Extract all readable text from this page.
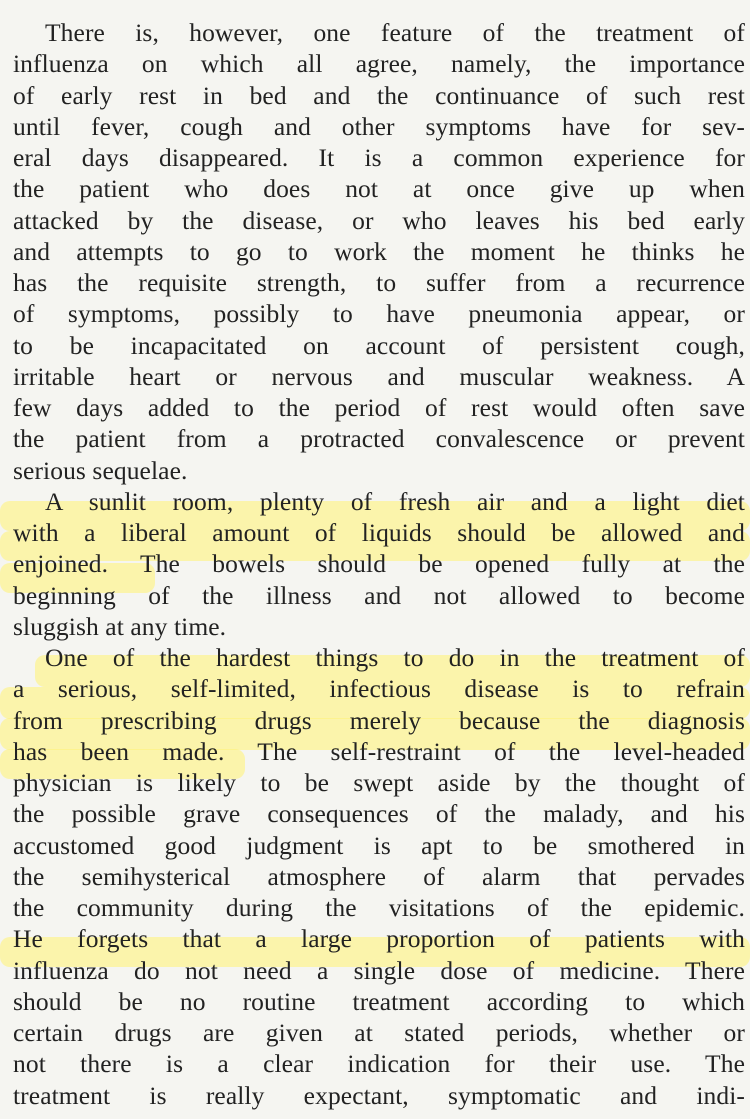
There is, however, one feature of the treatment of
influenza on which all agree, namely, the importance
of early rest in bed and the continuance of such rest
until fever, cough and other symptoms have for sev-
eral days disappeared. It is a common experience for
the patient who does not at once give up when
attacked by the disease, or who leaves his bed early
and attempts to go to work the moment he thinks he
has the requisite strength, to suffer from a recurrence
of symptoms, possibly to have pneumonia appear, or
to be incapacitated on account of persistent cough,
irritable heart or nervous and muscular weakness. A
few days added to the period of rest would often save
the patient from a protracted convalescence or prevent
serious sequelae.
A sunlit room, plenty of fresh air and a light diet
with a liberal amount of liquids should be allowed and
enjoined. The bowels should be opened fully at the
beginning of the illness and not allowed to become
sluggish at any time.
One of the hardest things to do in the treatment of
a serious, self-limited, infectious disease is to refrain
from prescribing drugs merely because the diagnosis
has been made. The self-restraint of the level-headed
physician is likely to be swept aside by the thought of
the possible grave consequences of the malady, and his
accustomed good judgment is apt to be smothered in
the semihysterical atmosphere of alarm that pervades
the community during the visitations of the epidemic.
He forgets that a large proportion of patients with
influenza do not need a single dose of medicine. There
should be no routine treatment according to which
certain drugs are given at stated periods, whether or
not there is a clear indication for their use. The
treatment is really expectant, symptomatic and indi-
